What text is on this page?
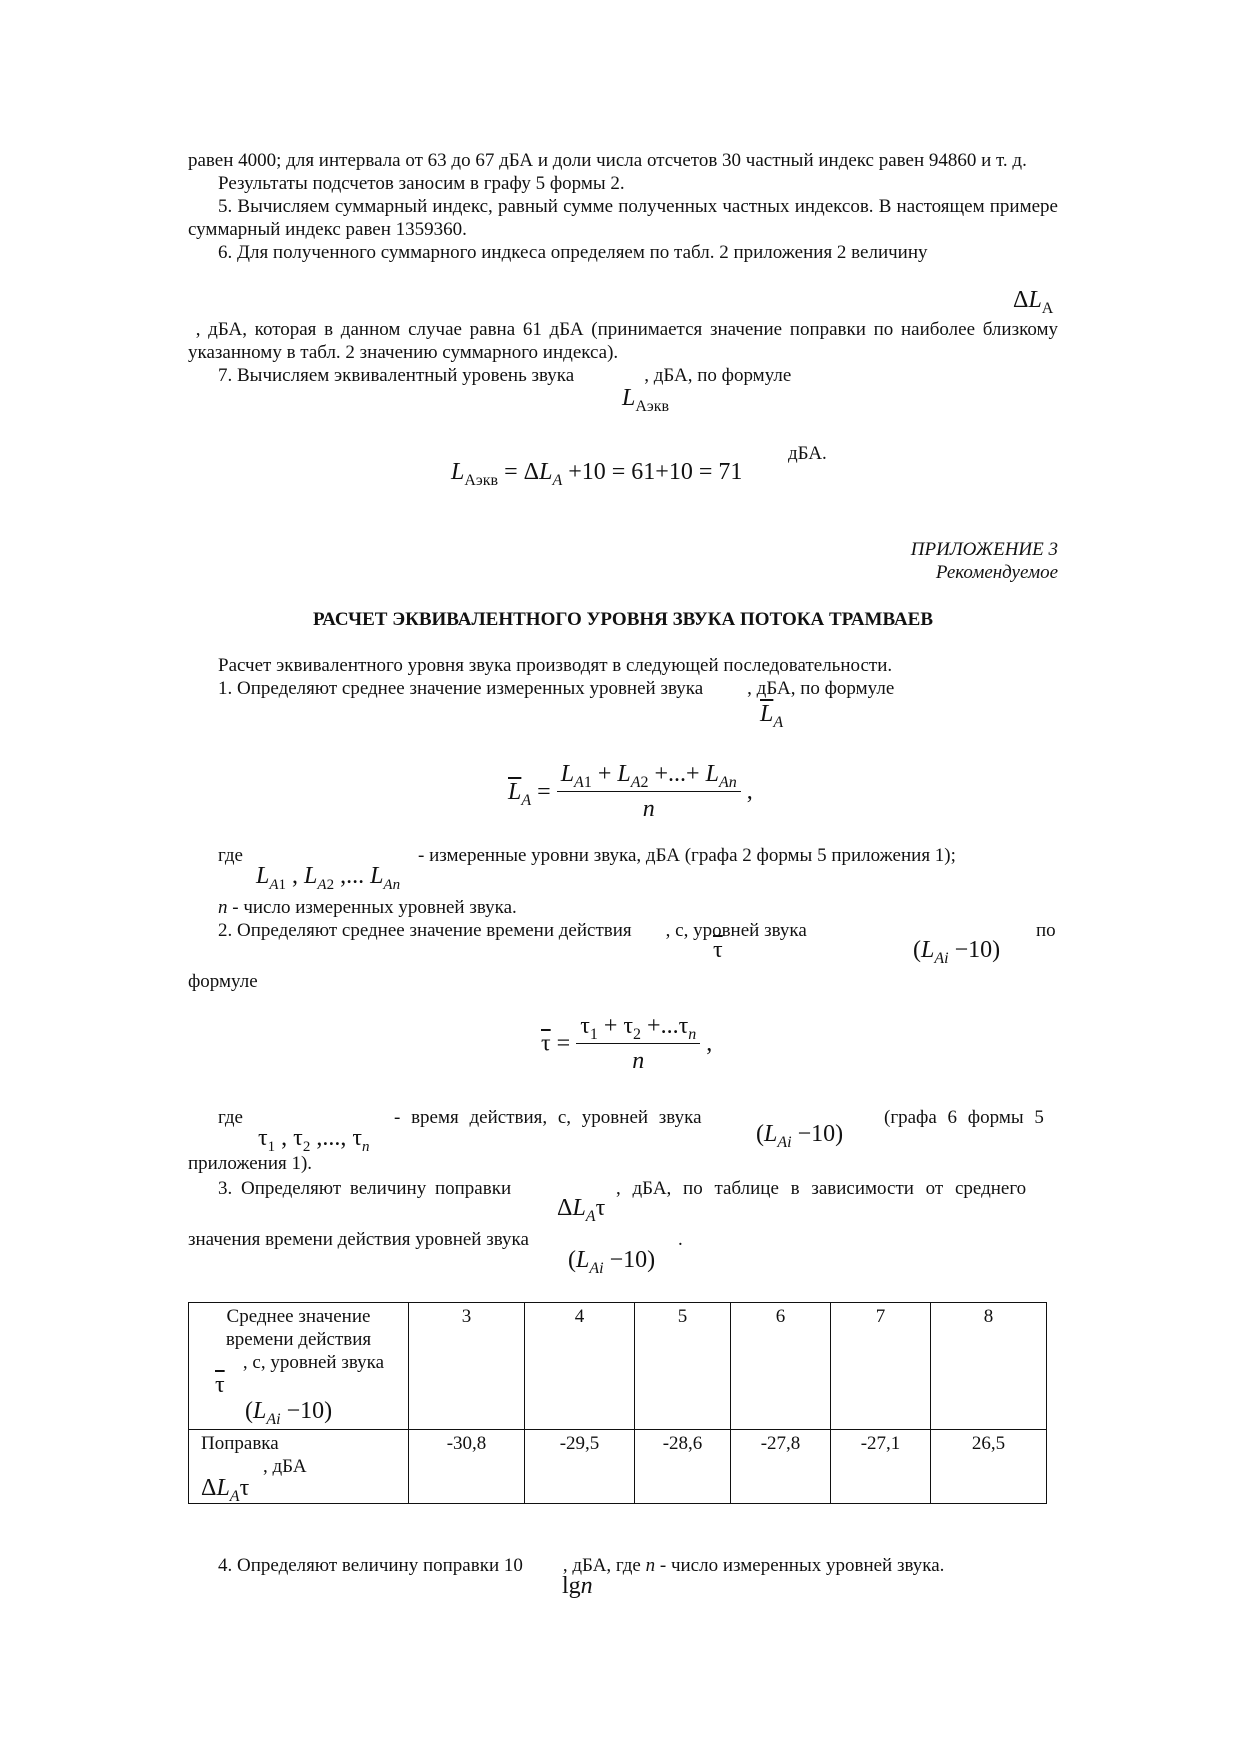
равен 4000; для интервала от 63 до 67 дБА и доли числа отсчетов 30 частный индекс равен 94860 и т. д.

Результаты подсчетов заносим в графу 5 формы 2.

5. Вычисляем суммарный индекс, равный сумме полученных частных индексов. В настоящем примере суммарный индекс равен 1359360.

6. Для полученного суммарного индкеса определяем по табл. 2 приложения 2 величину

$\Delta L_А$

, дБА, которая в данном случае равна 61 дБА (принимается значение поправки по наиболее близкому указанному в табл. 2 значению суммарного индекса).

7. Вычисляем эквивалентный уровень звука	, дБА, по формуле

$L_{Аэкв}$
$L_{Аэкв} = \Delta L_A +10 = 61+10 = 71$
дБА.
ПРИЛОЖЕНИЕ 3
Рекомендуемое
РАСЧЕТ ЭКВИВАЛЕНТНОГО УРОВНЯ ЗВУКА ПОТОКА ТРАМВАЕВ

Расчет эквивалентного уровня звука производят в следующей последовательности.

1. Определяют среднее значение измеренных уровней звука , дБА, по формуле

$\overline{L}_A$
$\overline{L}_A = \frac{L_{A1} + L_{A2} +...+ L_{An}}{n}$ ,
где	- измеренные уровни звука, дБА (графа 2 формы 5 приложения 1);
$L_{A1}$ , $L_{A2}$ ,... $L_{An}$
n - число измеренных уровней звука.

2. Определяют среднее значение времени действия , с, уровней звука	по
$\overline{\tau}$	$(L_{Ai} -10)$
формуле
$\overline{\tau} = \frac{\tau_1 + \tau_2 +...\tau_n}{n}$ ,
где	- время действия, с, уровней звука	(графа 6 формы 5
$\tau_1$ , $\tau_2$ ,..., $\tau_n$	$(L_{Ai} -10)$
приложения 1).
3. Определяют величину поправки	, дБА, по таблице в зависимости от среднего
$\Delta L_A\tau$
значения времени действия уровней звука	.
$(L_{Ai} -10)$
Среднее значение времени действия
, с, уровней звука
$\overline{\tau}$
$(L_{Ai} -10)$	3	4	5	6	7	8

Поправка
, дБА
$\Delta L_A\tau$	-30,8	-29,5	-28,6	-27,8	-27,1	26,5
4. Определяют величину поправки 10 , дБА, где n - число измеренных уровней звука.
lgn
